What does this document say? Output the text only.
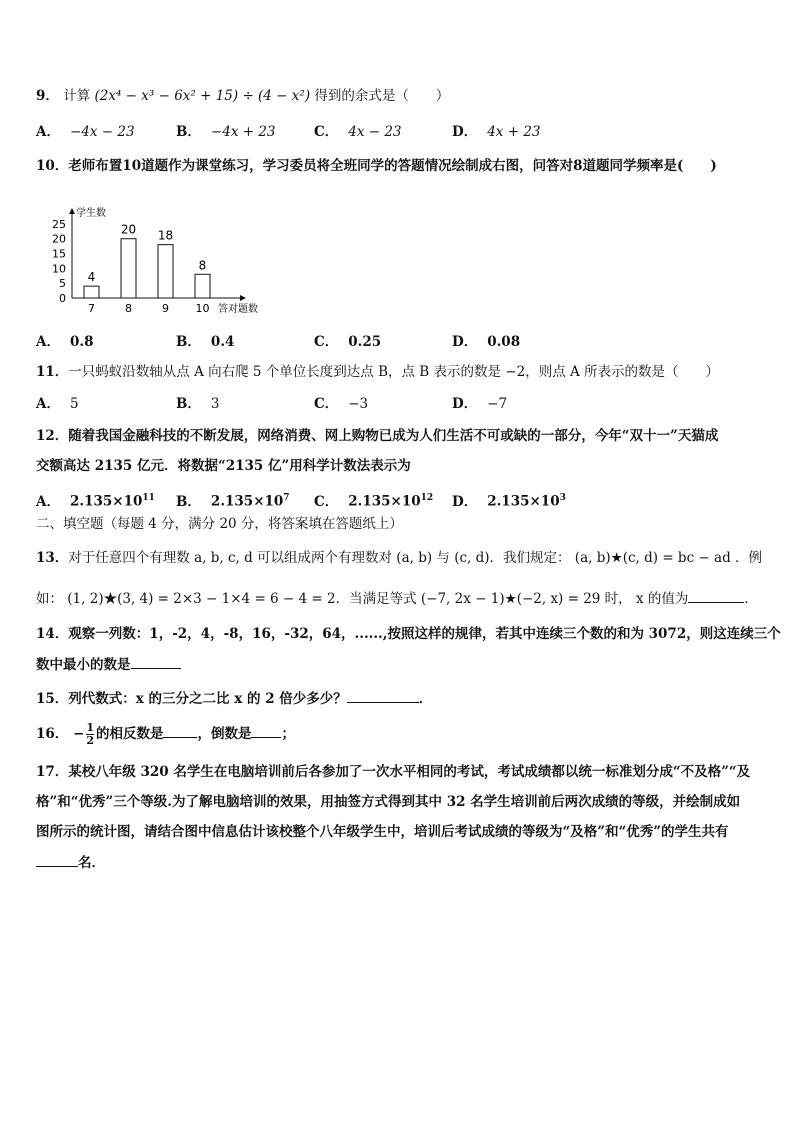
9． 计算 (2x⁴ − x³ − 6x² + 15) ÷ (4 − x²) 得到的余式是（　　）
A． −4x − 23	B． −4x + 23	C． 4x − 23	D． 4x + 23
10．老师布置10道题作为课堂练习，学习委员将全班同学的答题情况绘制成右图，问答对8道题同学频率是(　　)
学生数
答对题数
0
5
10
15
20
25
4
7
20
8
18
9
8
10
A． 0.8	B． 0.4	C． 0.25	D． 0.08
11．一只蚂蚁沿数轴从点 A 向右爬 5 个单位长度到达点 B，点 B 表示的数是 −2，则点 A 所表示的数是（　　）
A． 5	B． 3	C． −3	D． −7
12．随着我国金融科技的不断发展，网络消费、网上购物已成为人们生活不可或缺的一部分，今年“双十一”天猫成
交额高达 2135 亿元．将数据“2135 亿”用科学计数法表示为
A． $2.135\times 10^{11}$ B． $2.135\times 10^7$ C． $2.135\times 10^{12}$ D． $2.135\times 10^3$
二、填空题（每题 4 分，满分 20 分，将答案填在答题纸上）
13．对于任意四个有理数 a, b, c, d 可以组成两个有理数对 (a, b) 与 (c, d)．我们规定： (a, b)★(c, d) = bc − ad ．例
如： (1, 2)★(3, 4) = 2×3 − 1×4 = 6 − 4 = 2．当满足等式 (−7, 2x − 1)★(−2, x) = 29 时， x 的值为	．
14．观察一列数：1，-2，4，-8，16，-32，64，......,按照这样的规律，若其中连续三个数的和为 3072，则这连续三个
数中最小的数是
15．列代数式：x 的三分之二比 x 的 2 倍少多少？	．
16． − $\frac{1}{2}$ 的相反数是	，倒数是 ；
17．某校八年级 320 名学生在电脑培训前后各参加了一次水平相同的考试，考试成绩都以统一标准划分成“不及格”“及
格”和“优秀”三个等级.为了解电脑培训的效果，用抽签方式得到其中 32 名学生培训前后两次成绩的等级，并绘制成如
图所示的统计图，请结合图中信息估计该校整个八年级学生中，培训后考试成绩的等级为“及格”和“优秀”的学生共有
名．
